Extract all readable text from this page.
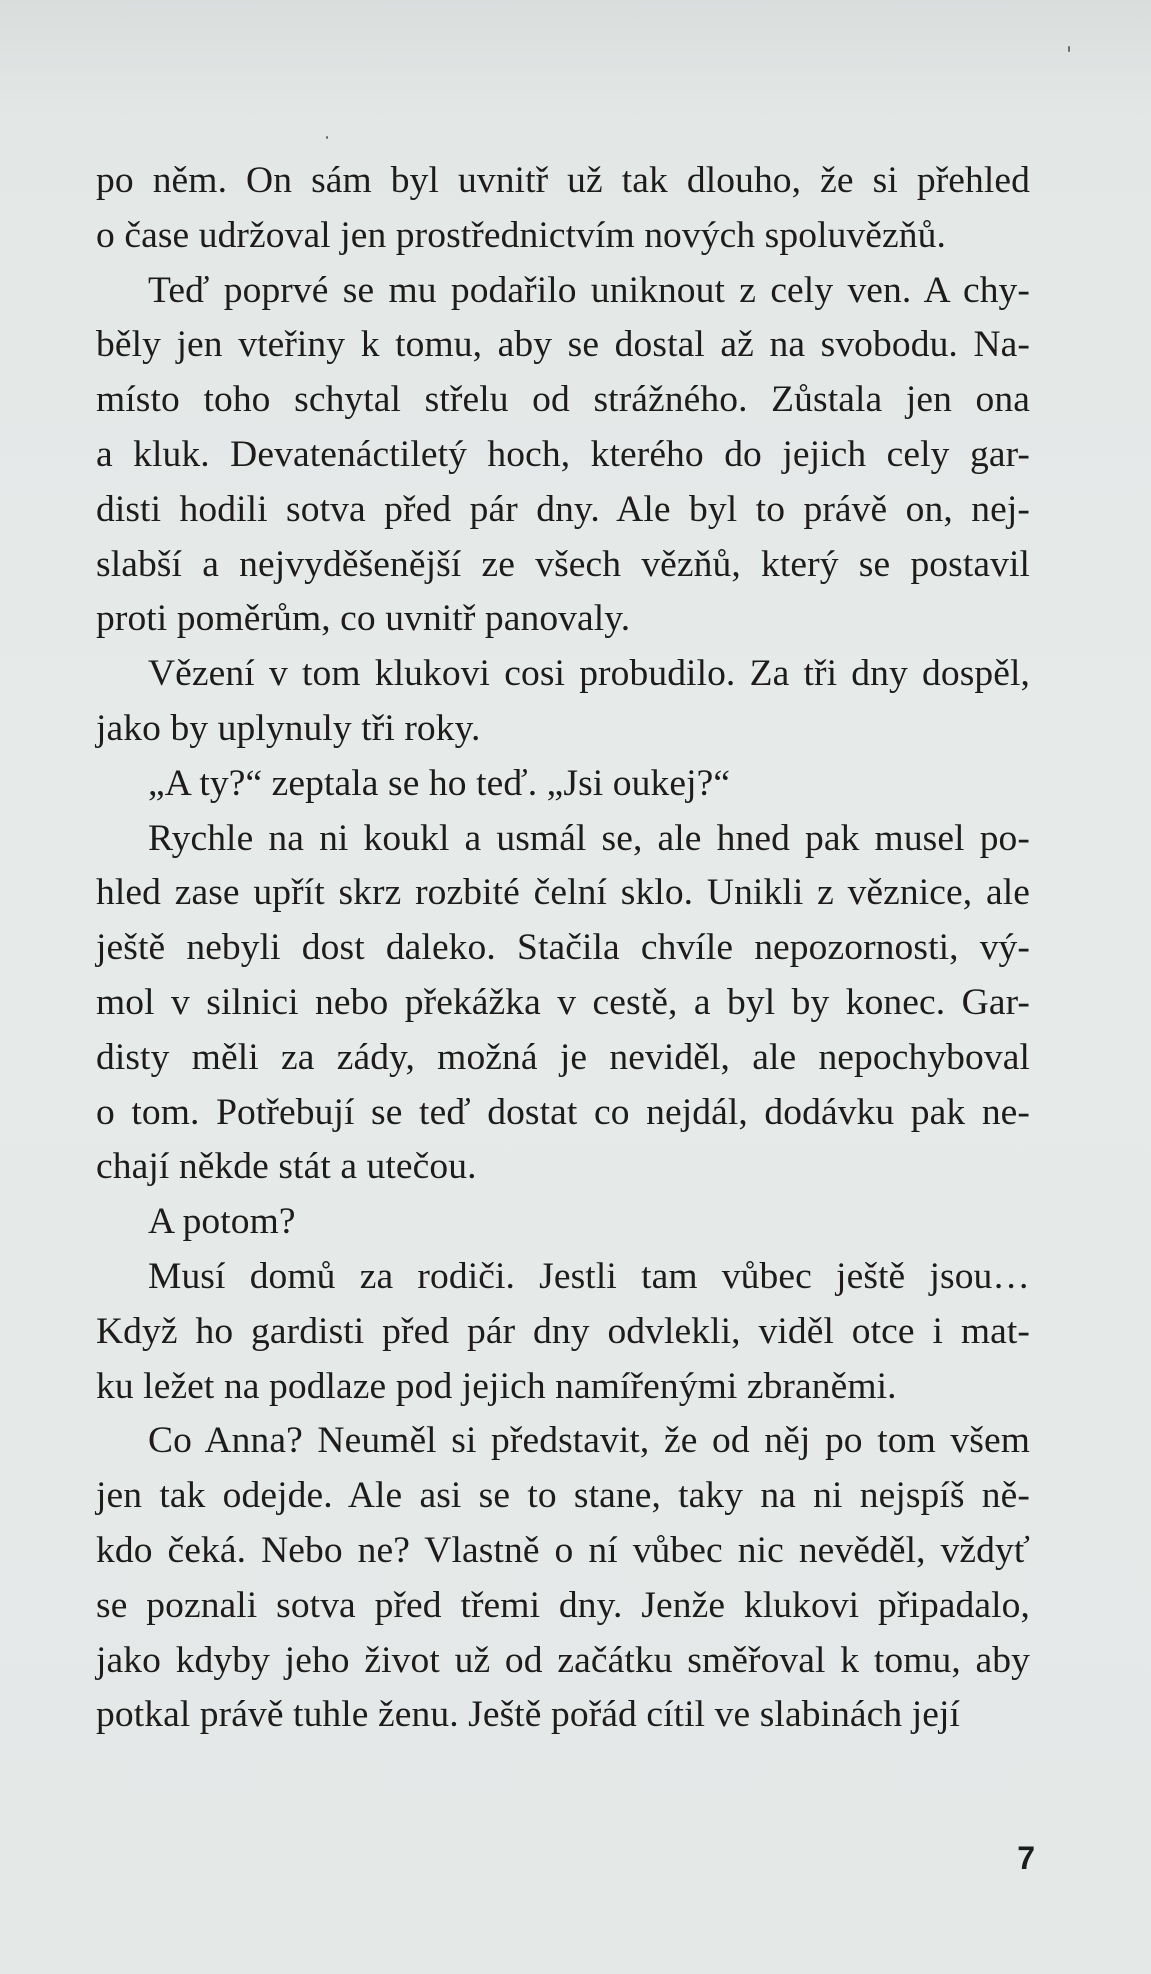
po něm. On sám byl uvnitř už tak dlouho, že si přehled
o čase udržoval jen prostřednictvím nových spoluvězňů.
Teď poprvé se mu podařilo uniknout z cely ven. A chy-
běly jen vteřiny k tomu, aby se dostal až na svobodu. Na-
místo toho schytal střelu od strážného. Zůstala jen ona
a kluk. Devatenáctiletý hoch, kterého do jejich cely gar-
disti hodili sotva před pár dny. Ale byl to právě on, nej-
slabší a nejvyděšenější ze všech vězňů, který se postavil
proti poměrům, co uvnitř panovaly.
Vězení v tom klukovi cosi probudilo. Za tři dny dospěl,
jako by uplynuly tři roky.
„A ty?“ zeptala se ho teď. „Jsi oukej?“
Rychle na ni koukl a usmál se, ale hned pak musel po-
hled zase upřít skrz rozbité čelní sklo. Unikli z věznice, ale
ještě nebyli dost daleko. Stačila chvíle nepozornosti, vý-
mol v silnici nebo překážka v cestě, a byl by konec. Gar-
disty měli za zády, možná je neviděl, ale nepochyboval
o tom. Potřebují se teď dostat co nejdál, dodávku pak ne-
chají někde stát a utečou.
A potom?
Musí domů za rodiči. Jestli tam vůbec ještě jsou…
Když ho gardisti před pár dny odvlekli, viděl otce i mat-
ku ležet na podlaze pod jejich namířenými zbraněmi.
Co Anna? Neuměl si představit, že od něj po tom všem
jen tak odejde. Ale asi se to stane, taky na ni nejspíš ně-
kdo čeká. Nebo ne? Vlastně o ní vůbec nic nevěděl, vždyť
se poznali sotva před třemi dny. Jenže klukovi připadalo,
jako kdyby jeho život už od začátku směřoval k tomu, aby
potkal právě tuhle ženu. Ještě pořád cítil ve slabinách její
7
